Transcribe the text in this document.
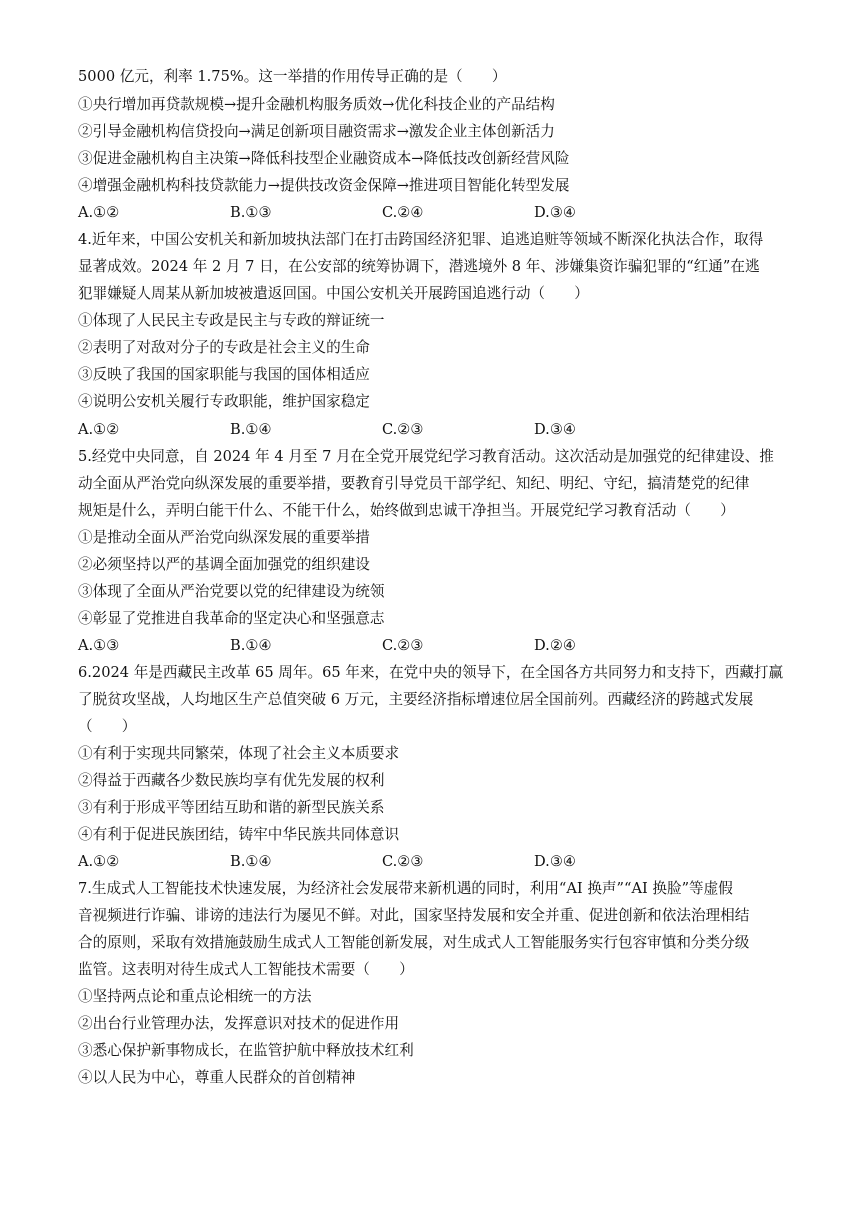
5000 亿元，利率 1.75%。这一举措的作用传导正确的是（　　）
①央行增加再贷款规模→提升金融机构服务质效→优化科技企业的产品结构
②引导金融机构信贷投向→满足创新项目融资需求→激发企业主体创新活力
③促进金融机构自主决策→降低科技型企业融资成本→降低技改创新经营风险
④增强金融机构科技贷款能力→提供技改资金保障→推进项目智能化转型发展
A.①②	B.①③	C.②④	D.③④
4.近年来，中国公安机关和新加坡执法部门在打击跨国经济犯罪、追逃追赃等领域不断深化执法合作，取得
显著成效。2024 年 2 月 7 日，在公安部的统筹协调下，潜逃境外 8 年、涉嫌集资诈骗犯罪的“红通”在逃
犯罪嫌疑人周某从新加坡被遣返回国。中国公安机关开展跨国追逃行动（　　）
①体现了人民民主专政是民主与专政的辩证统一
②表明了对敌对分子的专政是社会主义的生命
③反映了我国的国家职能与我国的国体相适应
④说明公安机关履行专政职能，维护国家稳定
A.①②	B.①④	C.②③	D.③④
5.经党中央同意，自 2024 年 4 月至 7 月在全党开展党纪学习教育活动。这次活动是加强党的纪律建设、推
动全面从严治党向纵深发展的重要举措，要教育引导党员干部学纪、知纪、明纪、守纪，搞清楚党的纪律
规矩是什么，弄明白能干什么、不能干什么，始终做到忠诚干净担当。开展党纪学习教育活动（　　）
①是推动全面从严治党向纵深发展的重要举措
②必须坚持以严的基调全面加强党的组织建设
③体现了全面从严治党要以党的纪律建设为统领
④彰显了党推进自我革命的坚定决心和坚强意志
A.①③	B.①④	C.②③	D.②④
6.2024 年是西藏民主改革 65 周年。65 年来，在党中央的领导下，在全国各方共同努力和支持下，西藏打赢
了脱贫攻坚战，人均地区生产总值突破 6 万元，主要经济指标增速位居全国前列。西藏经济的跨越式发展
（　　）
①有利于实现共同繁荣，体现了社会主义本质要求
②得益于西藏各少数民族均享有优先发展的权利
③有利于形成平等团结互助和谐的新型民族关系
④有利于促进民族团结，铸牢中华民族共同体意识
A.①②	B.①④	C.②③	D.③④
7.生成式人工智能技术快速发展，为经济社会发展带来新机遇的同时，利用“AI 换声”“AI 换脸”等虚假
音视频进行诈骗、诽谤的违法行为屡见不鲜。对此，国家坚持发展和安全并重、促进创新和依法治理相结
合的原则，采取有效措施鼓励生成式人工智能创新发展，对生成式人工智能服务实行包容审慎和分类分级
监管。这表明对待生成式人工智能技术需要（　　）
①坚持两点论和重点论相统一的方法
②出台行业管理办法，发挥意识对技术的促进作用
③悉心保护新事物成长，在监管护航中释放技术红利
④以人民为中心，尊重人民群众的首创精神
